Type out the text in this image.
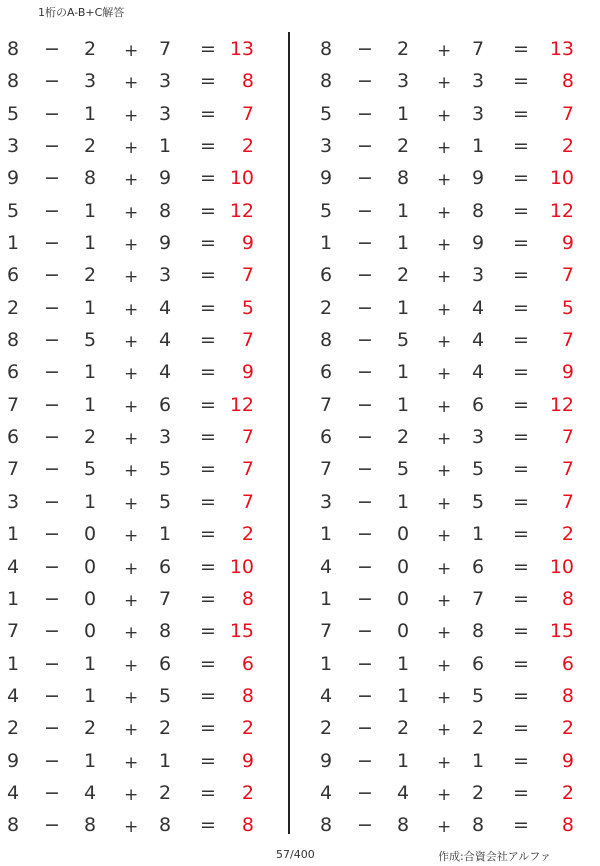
1桁のA-B+C解答
8 − 2 + 7 = 13
8 − 3 + 3 = 8
5 − 1 + 3 = 7
3 − 2 + 1 = 2
9 − 8 + 9 = 10
5 − 1 + 8 = 12
1 − 1 + 9 = 9
6 − 2 + 3 = 7
2 − 1 + 4 = 5
8 − 5 + 4 = 7
6 − 1 + 4 = 9
7 − 1 + 6 = 12
6 − 2 + 3 = 7
7 − 5 + 5 = 7
3 − 1 + 5 = 7
1 − 0 + 1 = 2
4 − 0 + 6 = 10
1 − 0 + 7 = 8
7 − 0 + 8 = 15
1 − 1 + 6 = 6
4 − 1 + 5 = 8
2 − 2 + 2 = 2
9 − 1 + 1 = 9
4 − 4 + 2 = 2
8 − 8 + 8 = 8
8 − 2 + 7 = 13
8 − 3 + 3 = 8
5 − 1 + 3 = 7
3 − 2 + 1 = 2
9 − 8 + 9 = 10
5 − 1 + 8 = 12
1 − 1 + 9 = 9
6 − 2 + 3 = 7
2 − 1 + 4 = 5
8 − 5 + 4 = 7
6 − 1 + 4 = 9
7 − 1 + 6 = 12
6 − 2 + 3 = 7
7 − 5 + 5 = 7
3 − 1 + 5 = 7
1 − 0 + 1 = 2
4 − 0 + 6 = 10
1 − 0 + 7 = 8
7 − 0 + 8 = 15
1 − 1 + 6 = 6
4 − 1 + 5 = 8
2 − 2 + 2 = 2
9 − 1 + 1 = 9
4 − 4 + 2 = 2
8 − 8 + 8 = 8
57/400	作成:合資会社アルファ
